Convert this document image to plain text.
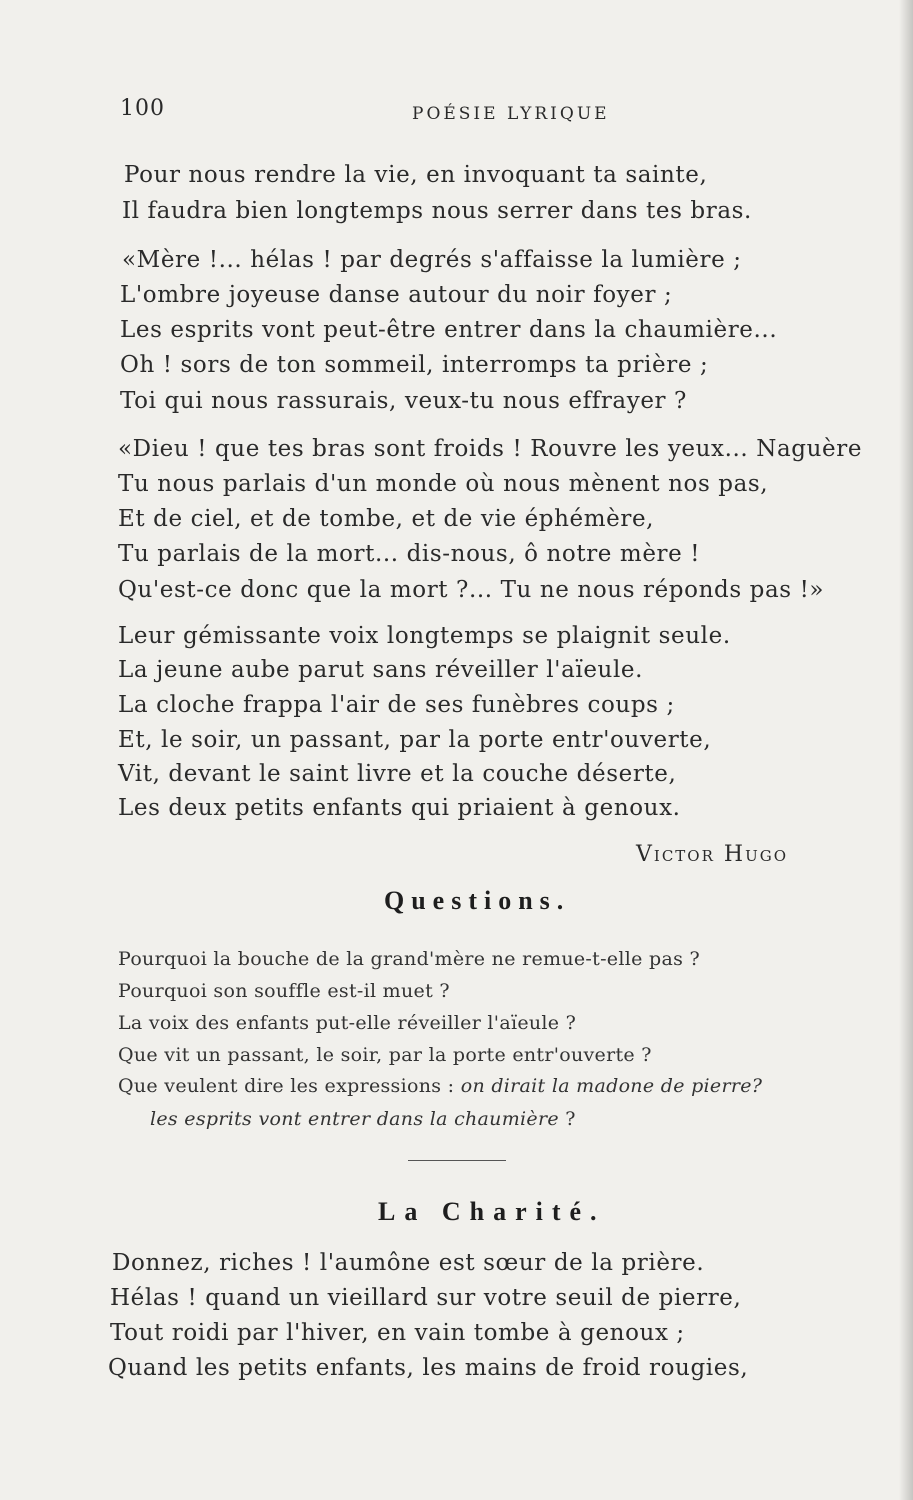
100	POÉSIE LYRIQUE
Pour nous rendre la vie, en invoquant ta sainte,
Il faudra bien longtemps nous serrer dans tes bras.
«Mère !... hélas ! par degrés s'affaisse la lumière ;
L'ombre joyeuse danse autour du noir foyer ;
Les esprits vont peut-être entrer dans la chaumière...
Oh ! sors de ton sommeil, interromps ta prière ;
Toi qui nous rassurais, veux-tu nous effrayer ?
«Dieu ! que tes bras sont froids ! Rouvre les yeux... Naguère
Tu nous parlais d'un monde où nous mènent nos pas,
Et de ciel, et de tombe, et de vie éphémère,
Tu parlais de la mort... dis-nous, ô notre mère !
Qu'est-ce donc que la mort ?... Tu ne nous réponds pas !»
Leur gémissante voix longtemps se plaignit seule.
La jeune aube parut sans réveiller l'aïeule.
La cloche frappa l'air de ses funèbres coups ;
Et, le soir, un passant, par la porte entr'ouverte,
Vit, devant le saint livre et la couche déserte,
Les deux petits enfants qui priaient à genoux.
Victor Hugo
Questions.
Pourquoi la bouche de la grand'mère ne remue-t-elle pas ?
Pourquoi son souffle est-il muet ?
La voix des enfants put-elle réveiller l'aïeule ?
Que vit un passant, le soir, par la porte entr'ouverte ?
Que veulent dire les expressions : on dirait la madone de pierre?
les esprits vont entrer dans la chaumière ?
La Charité.
Donnez, riches ! l'aumône est sœur de la prière.
Hélas ! quand un vieillard sur votre seuil de pierre,
Tout roidi par l'hiver, en vain tombe à genoux ;
Quand les petits enfants, les mains de froid rougies,
